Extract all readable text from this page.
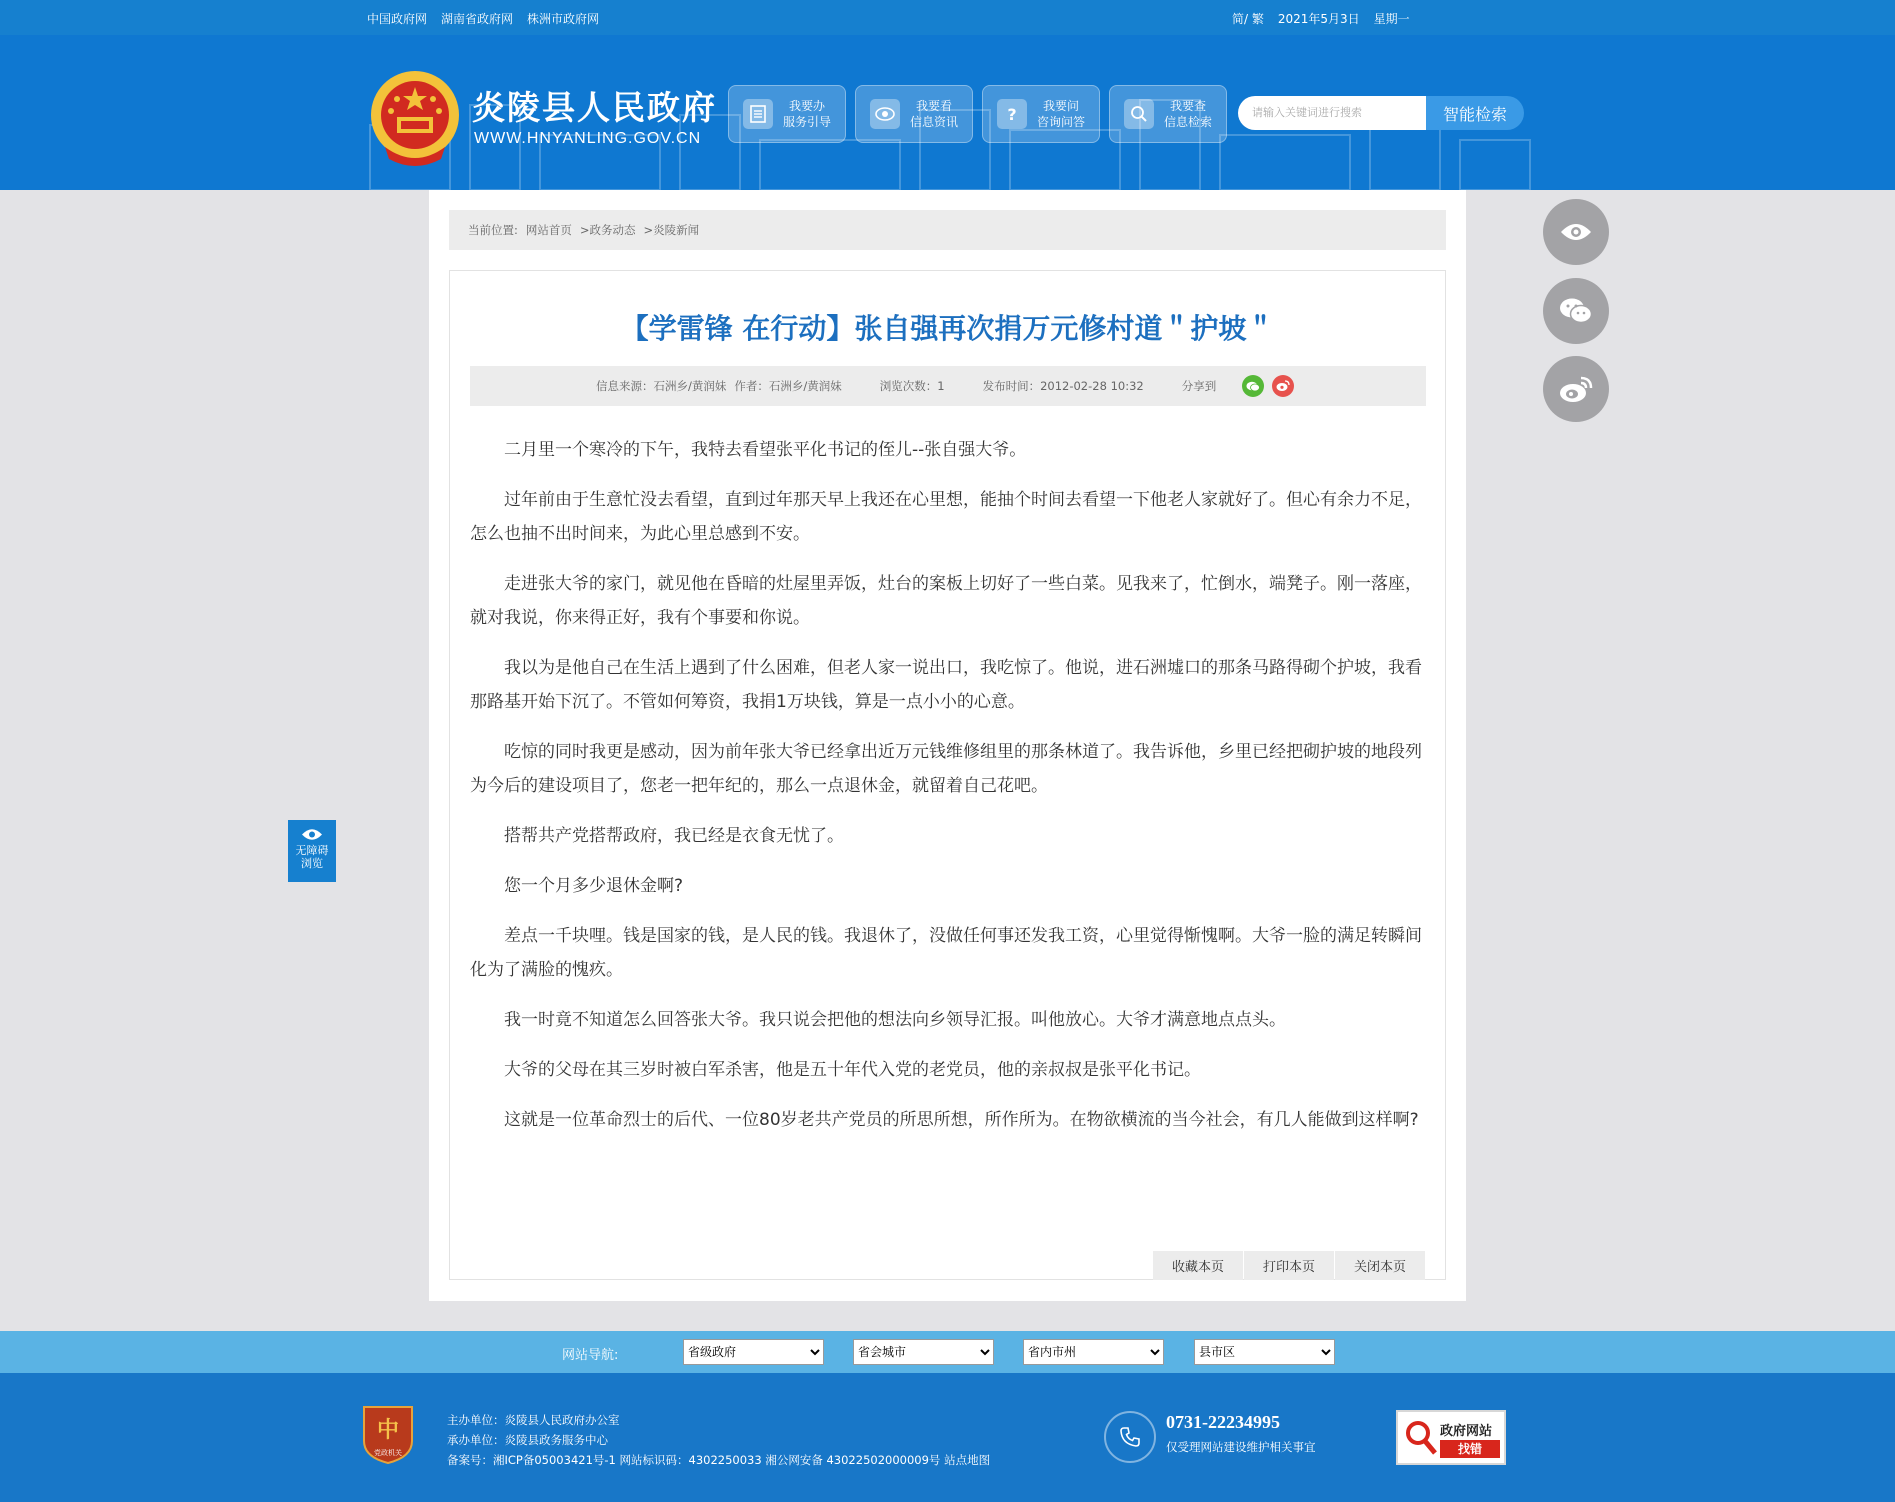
中国政府网 湖南省政府网 株洲市政府网	简/ 繁 2021年5月3日 星期一
炎陵县人民政府
WWW.HNYANLING.GOV.CN
我要办
服务引导
我要看
信息资讯	?	我要问
咨询问答
我要查
信息检索
请输入关键词进行搜索	智能检索
当前位置: 网站首页 >政务动态 >炎陵新闻
【学雷锋 在行动】张自强再次捐万元修村道＂护坡＂
信息来源：石洲乡/黄润妹 作者：石洲乡/黄润妹	浏览次数：1	发布时间：2012-02-28 10:32	分享到

二月里一个寒冷的下午，我特去看望张平化书记的侄儿--张自强大爷。

过年前由于生意忙没去看望，直到过年那天早上我还在心里想，能抽个时间去看望一下他老人家就好了。但心有余力不足，怎么也抽不出时间来，为此心里总感到不安。

走进张大爷的家门，就见他在昏暗的灶屋里弄饭，灶台的案板上切好了一些白菜。见我来了，忙倒水，端凳子。刚一落座，就对我说，你来得正好，我有个事要和你说。

我以为是他自己在生活上遇到了什么困难，但老人家一说出口，我吃惊了。他说，进石洲墟口的那条马路得砌个护坡，我看那路基开始下沉了。不管如何筹资，我捐1万块钱，算是一点小小的心意。

吃惊的同时我更是感动，因为前年张大爷已经拿出近万元钱维修组里的那条林道了。我告诉他，乡里已经把砌护坡的地段列为今后的建设项目了，您老一把年纪的，那么一点退休金，就留着自己花吧。

搭帮共产党搭帮政府，我已经是衣食无忧了。

您一个月多少退休金啊?

差点一千块哩。钱是国家的钱，是人民的钱。我退休了，没做任何事还发我工资，心里觉得惭愧啊。大爷一脸的满足转瞬间化为了满脸的愧疚。

我一时竟不知道怎么回答张大爷。我只说会把他的想法向乡领导汇报。叫他放心。大爷才满意地点点头。

大爷的父母在其三岁时被白军杀害，他是五十年代入党的老党员，他的亲叔叔是张平化书记。

这就是一位革命烈士的后代、一位80岁老共产党员的所思所想，所作所为。在物欲横流的当今社会，有几人能做到这样啊?

收藏本页	打印本页	关闭本页
无障碍
浏览
网站导航:
省级政府
省会城市
省内市州
县市区
中
党政机关
主办单位：炎陵县人民政府办公室
承办单位：炎陵县政务服务中心
备案号：湘ICP备05003421号-1 网站标识码：4302250033 湘公网安备 43022502000009号 站点地图
0731-22234995
仅受理网站建设维护相关事宜
政府网站
找错
